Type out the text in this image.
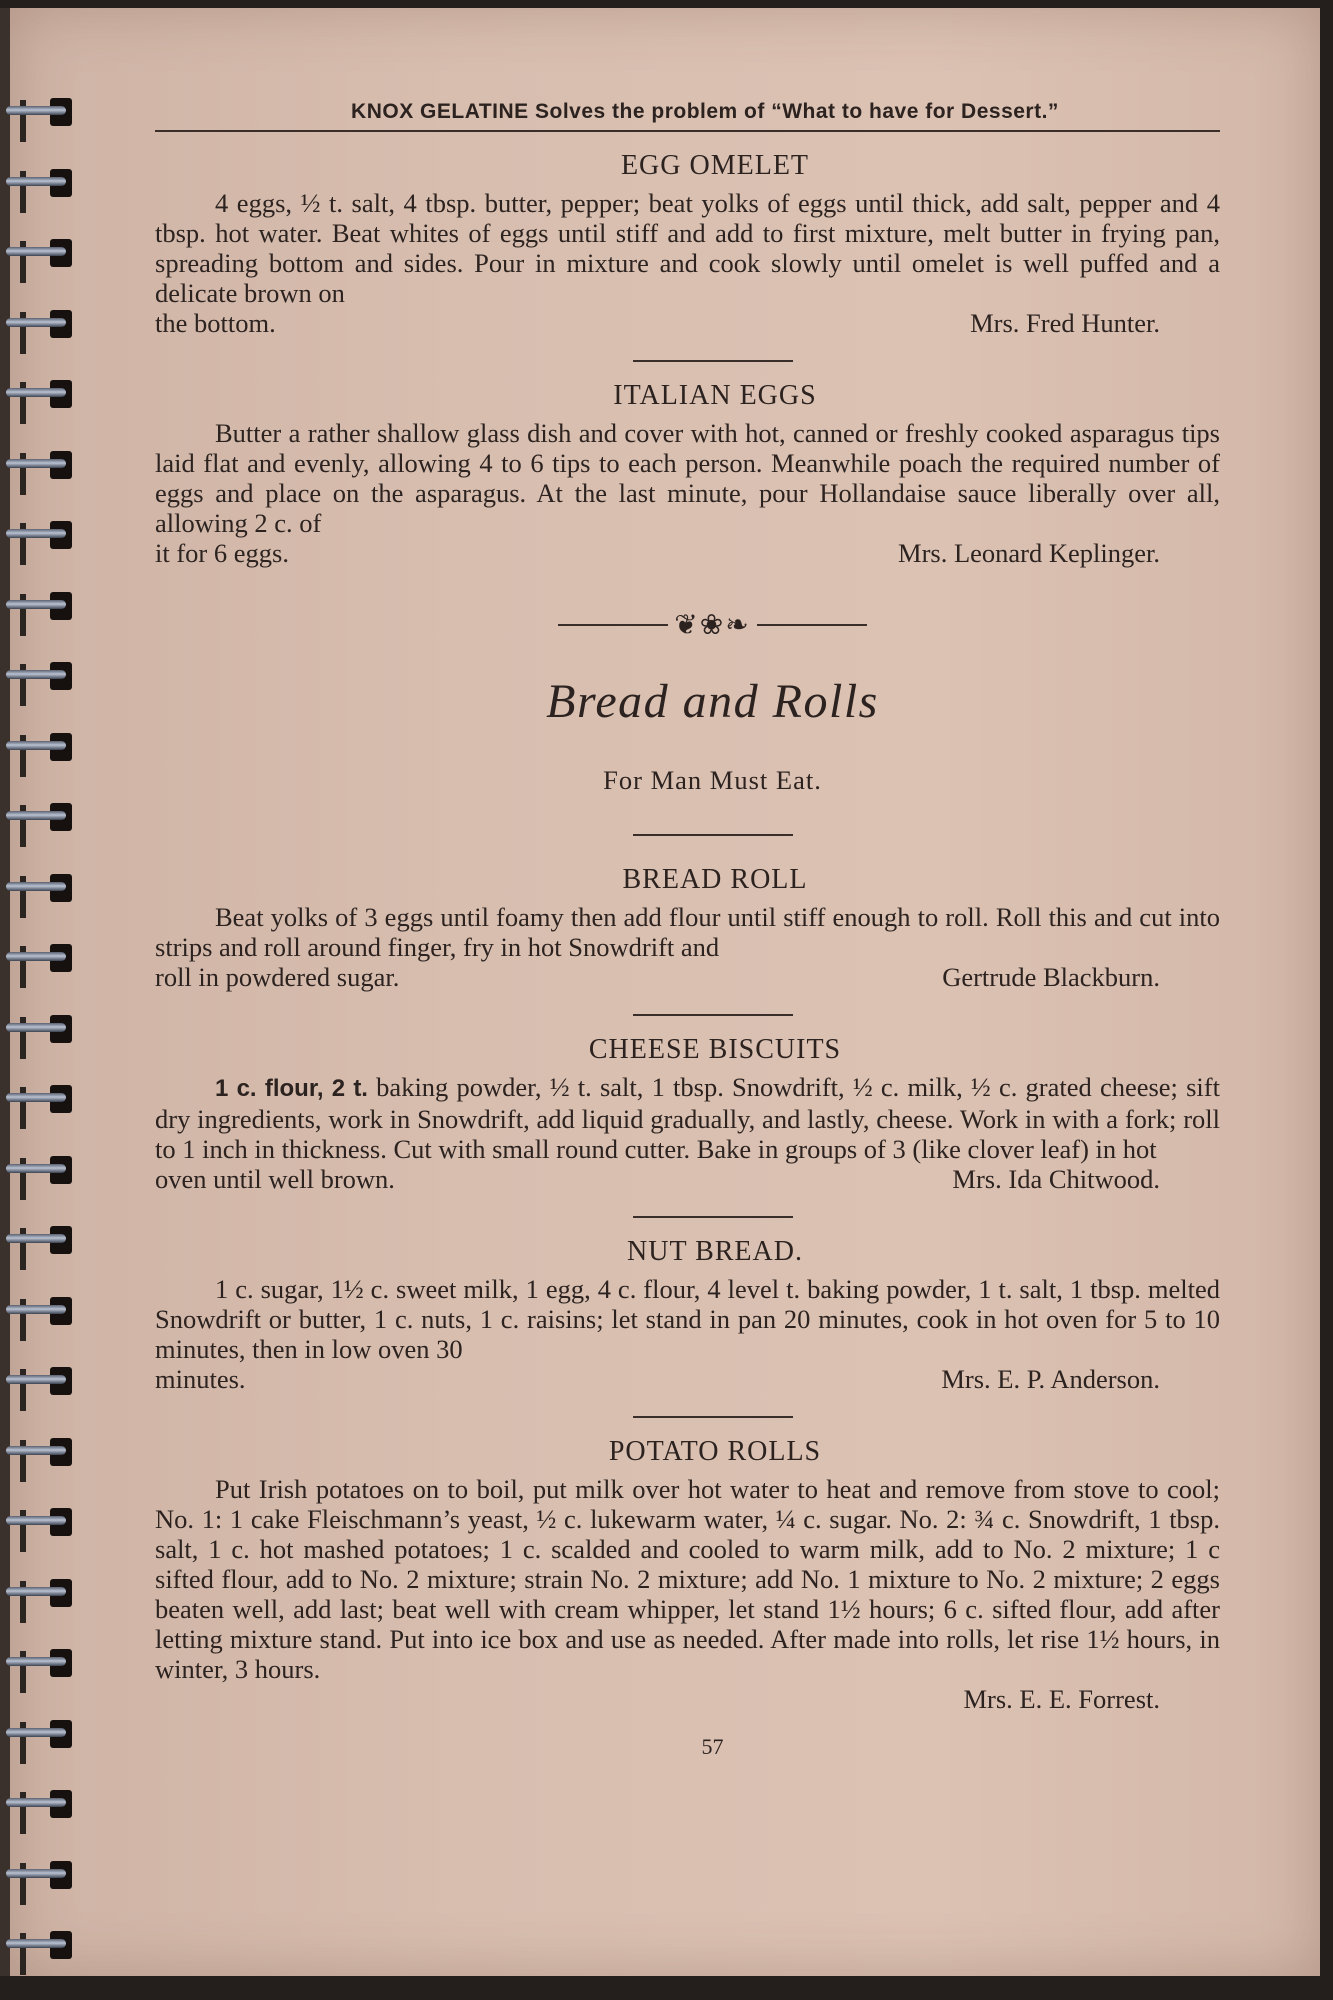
KNOX GELATINE Solves the problem of “What to have for Dessert.”
EGG OMELET
4 eggs, ½ t. salt, 4 tbsp. butter, pepper; beat yolks of eggs until thick, add salt, pepper and 4 tbsp. hot water. Beat whites of eggs until stiff and add to first mixture, melt butter in frying pan, spreading bottom and sides. Pour in mixture and cook slowly until omelet is well puffed and a delicate brown on
the bottom.	Mrs. Fred Hunter.
ITALIAN EGGS
Butter a rather shallow glass dish and cover with hot, canned or freshly cooked asparagus tips laid flat and evenly, allowing 4 to 6 tips to each person. Meanwhile poach the required number of eggs and place on the asparagus. At the last minute, pour Hollandaise sauce liberally over all, allowing 2 c. of
it for 6 eggs.	Mrs. Leonard Keplinger.
❦❀❧
Bread and Rolls
For Man Must Eat.
BREAD ROLL
Beat yolks of 3 eggs until foamy then add flour until stiff enough to roll. Roll this and cut into strips and roll around finger, fry in hot Snowdrift and
roll in powdered sugar.	Gertrude Blackburn.
CHEESE BISCUITS
1 c. flour, 2 t. baking powder, ½ t. salt, 1 tbsp. Snowdrift, ½ c. milk, ½ c. grated cheese; sift dry ingredients, work in Snowdrift, add liquid gradually, and lastly, cheese. Work in with a fork; roll to 1 inch in thickness. Cut with small round cutter. Bake in groups of 3 (like clover leaf) in hot
oven until well brown.	Mrs. Ida Chitwood.
NUT BREAD.
1 c. sugar, 1½ c. sweet milk, 1 egg, 4 c. flour, 4 level t. baking powder, 1 t. salt, 1 tbsp. melted Snowdrift or butter, 1 c. nuts, 1 c. raisins; let stand in pan 20 minutes, cook in hot oven for 5 to 10 minutes, then in low oven 30
minutes.	Mrs. E. P. Anderson.
POTATO ROLLS
Put Irish potatoes on to boil, put milk over hot water to heat and remove from stove to cool; No. 1: 1 cake Fleischmann’s yeast, ½ c. lukewarm water, ¼ c. sugar. No. 2: ¾ c. Snowdrift, 1 tbsp. salt, 1 c. hot mashed potatoes; 1 c. scalded and cooled to warm milk, add to No. 2 mixture; 1 c sifted flour, add to No. 2 mixture; strain No. 2 mixture; add No. 1 mixture to No. 2 mixture; 2 eggs beaten well, add last; beat well with cream whipper, let stand 1½ hours; 6 c. sifted flour, add after letting mixture stand. Put into ice box and use as needed. After made into rolls, let rise 1½ hours, in winter, 3 hours.
Mrs. E. E. Forrest.
57
